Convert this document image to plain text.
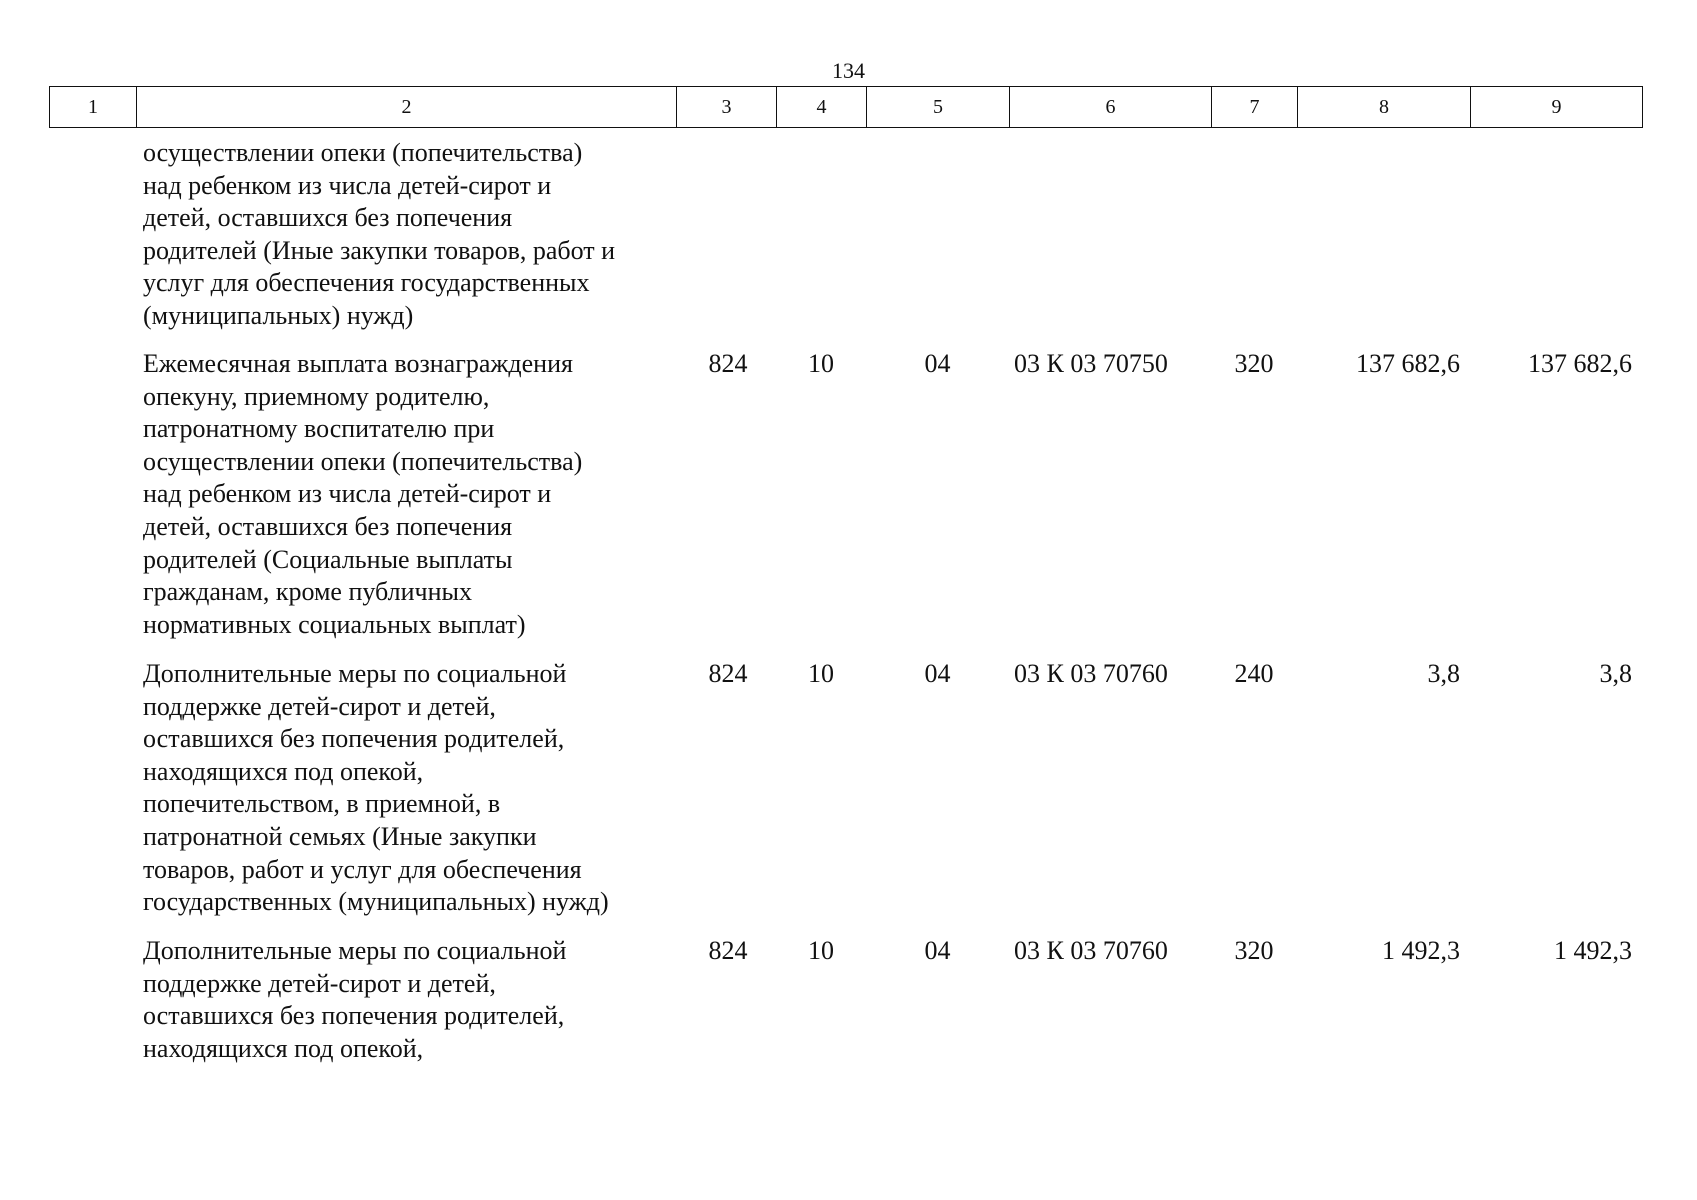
134
1	2	3	4	5	6	7	8	9
осуществлении опеки (попечительства)
над ребенком из числа детей-сирот и
детей, оставшихся без попечения
родителей (Иные закупки товаров, работ и
услуг для обеспечения государственных
(муниципальных) нужд)
Ежемесячная выплата вознаграждения
опекуну, приемному родителю,
патронатному воспитателю при
осуществлении опеки (попечительства)
над ребенком из числа детей-сирот и
детей, оставшихся без попечения
родителей (Социальные выплаты
гражданам, кроме публичных
нормативных социальных выплат)
824	10	04	03 К 03 70750	320	137 682,6	137 682,6
Дополнительные меры по социальной
поддержке детей-сирот и детей,
оставшихся без попечения родителей,
находящихся под опекой,
попечительством, в приемной, в
патронатной семьях (Иные закупки
товаров, работ и услуг для обеспечения
государственных (муниципальных) нужд)
824	10	04	03 К 03 70760	240	3,8	3,8
Дополнительные меры по социальной
поддержке детей-сирот и детей,
оставшихся без попечения родителей,
находящихся под опекой,
824	10	04	03 К 03 70760	320	1 492,3	1 492,3
